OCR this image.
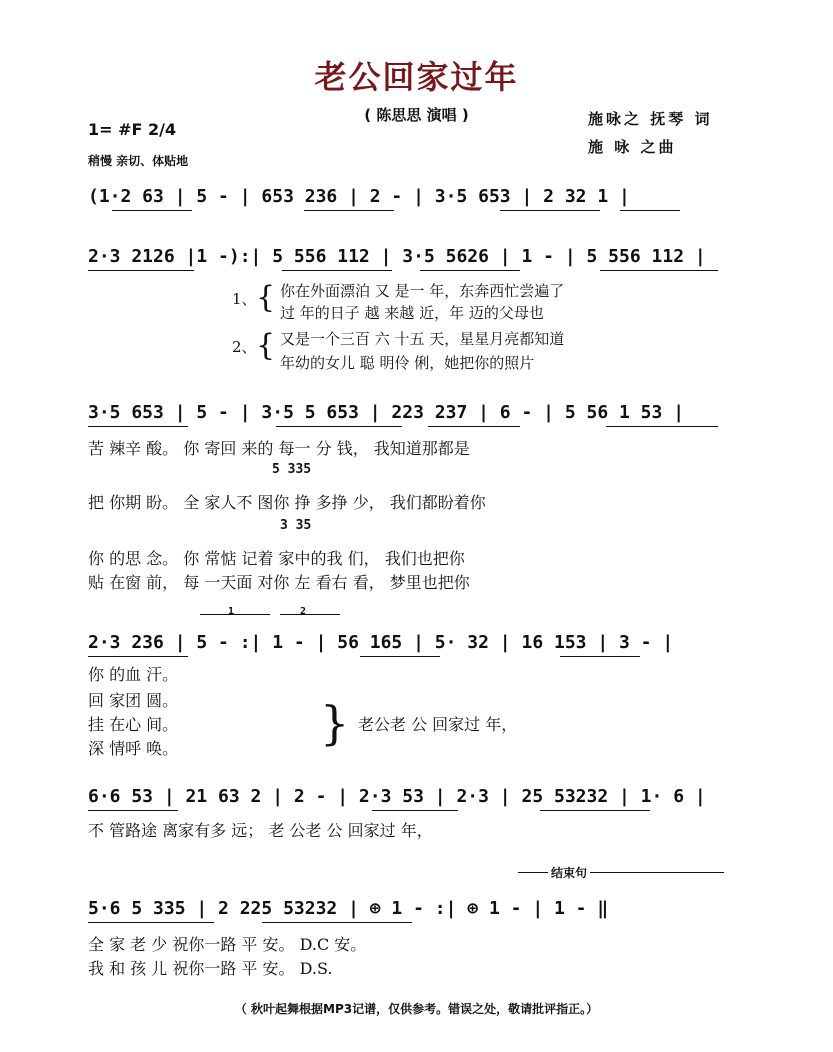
老公回家过年
( 陈思思 演唱 )	施咏之 抚琴 词
施 咏 之曲
1= #F 2/4
稍慢 亲切、体贴地
(1·2 63 | 5 - | 653 236 | 2 - | 3·5 653 | 2 32 1 |
2·3 2126 |1 -):| 5 556 112 | 3·5 5626 | 1 - | 5 556 112 |
1、 { 你在外面漂泊 又 是一 年，东奔西忙尝遍了
过 年的日子 越 来越 近，年 迈的父母也
2、 { 又是一个三百 六 十五 天，星星月亮都知道
年幼的女儿 聪 明伶 俐，她把你的照片
3·5 653 | 5 - | 3·5 5 653 | 223 237 | 6 - | 5 56 1 53 |
苦 辣辛 酸。 你 寄回 来的 每一 分 钱， 我知道那都是
5 335
把 你期 盼。 全 家人不 图你 挣 多挣 少， 我们都盼着你
3 35
你 的思 念。 你 常惦 记着 家中的我 们， 我们也把你
贴 在窗 前， 每 一天面 对你 左 看右 看， 梦里也把你
1	2
2·3 236 | 5 - :| 1 - | 56 165 | 5· 32 | 16 153 | 3 - |
你 的血 汗。
回 家团 圆。
挂 在心 间。
深 情呼 唤。	} 老公老 公 回家过 年，
6·6 53 | 21 63 2 | 2 - | 2·3 53 | 2·3 | 25 53232 | 1· 6 |
不 管路途 离家有多 远； 老 公老 公 回家过 年，
结束句
5·6 5 335 | 2 225 53232 | ⊕ 1 - :| ⊕ 1 - | 1 - ‖
全 家 老 少 祝你一路 平 安。 D.C 安。
我 和 孩 儿 祝你一路 平 安。 D.S.
（ 秋叶起舞根据MP3记谱，仅供参考。错误之处，敬请批评指正。）
